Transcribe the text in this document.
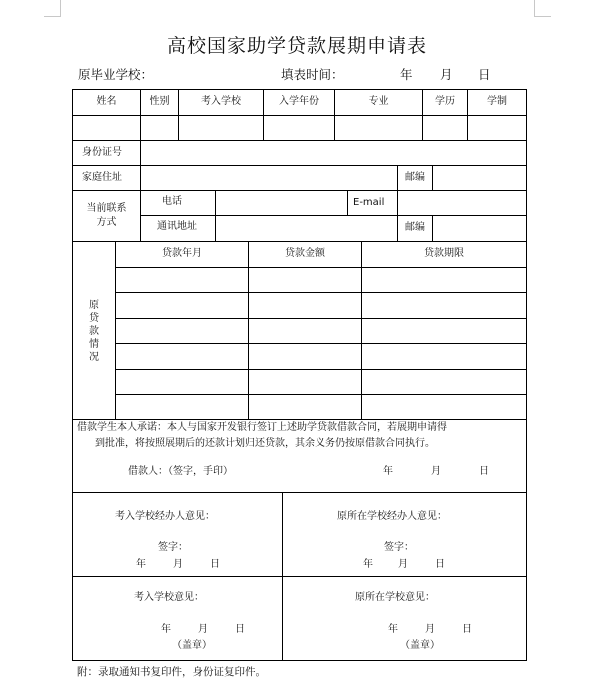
高校国家助学贷款展期申请表
原毕业学校：	填表时间：	年 月 日
姓名	性别	考入学校	入学年份	专业	学历	学制
身份证号
家庭住址	邮编
当前联系
方式
电话	E-mail
通讯地址	邮编
原贷款情况
贷款年月	贷款金额	贷款期限
借款学生本人承诺：本人与国家开发银行签订上述助学贷款借款合同，若展期申请得
到批准，将按照展期后的还款计划归还贷款，其余义务仍按原借款合同执行。
借款人：（签字，手印）	年	月	日
考入学校经办人意见：
签字：
年	月	日
原所在学校经办人意见：
签字：
年	月	日
考入学校意见：
年	月	日
（盖章）
原所在学校意见：
年	月	日
（盖章）
附：录取通知书复印件，身份证复印件。
